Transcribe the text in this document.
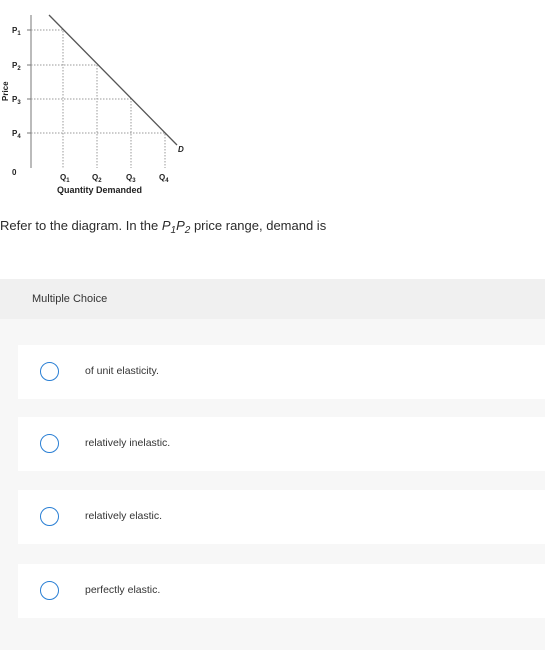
D
$P_1$
$P_2$
$P_3$
$P_4$
Price
0
$Q_1$	$Q_2$	$Q_3$	$Q_4$
Quantity Demanded
Refer to the diagram. In the $P_1P_2$ price range, demand is
Multiple Choice
of unit elasticity.
relatively inelastic.
relatively elastic.
perfectly elastic.
